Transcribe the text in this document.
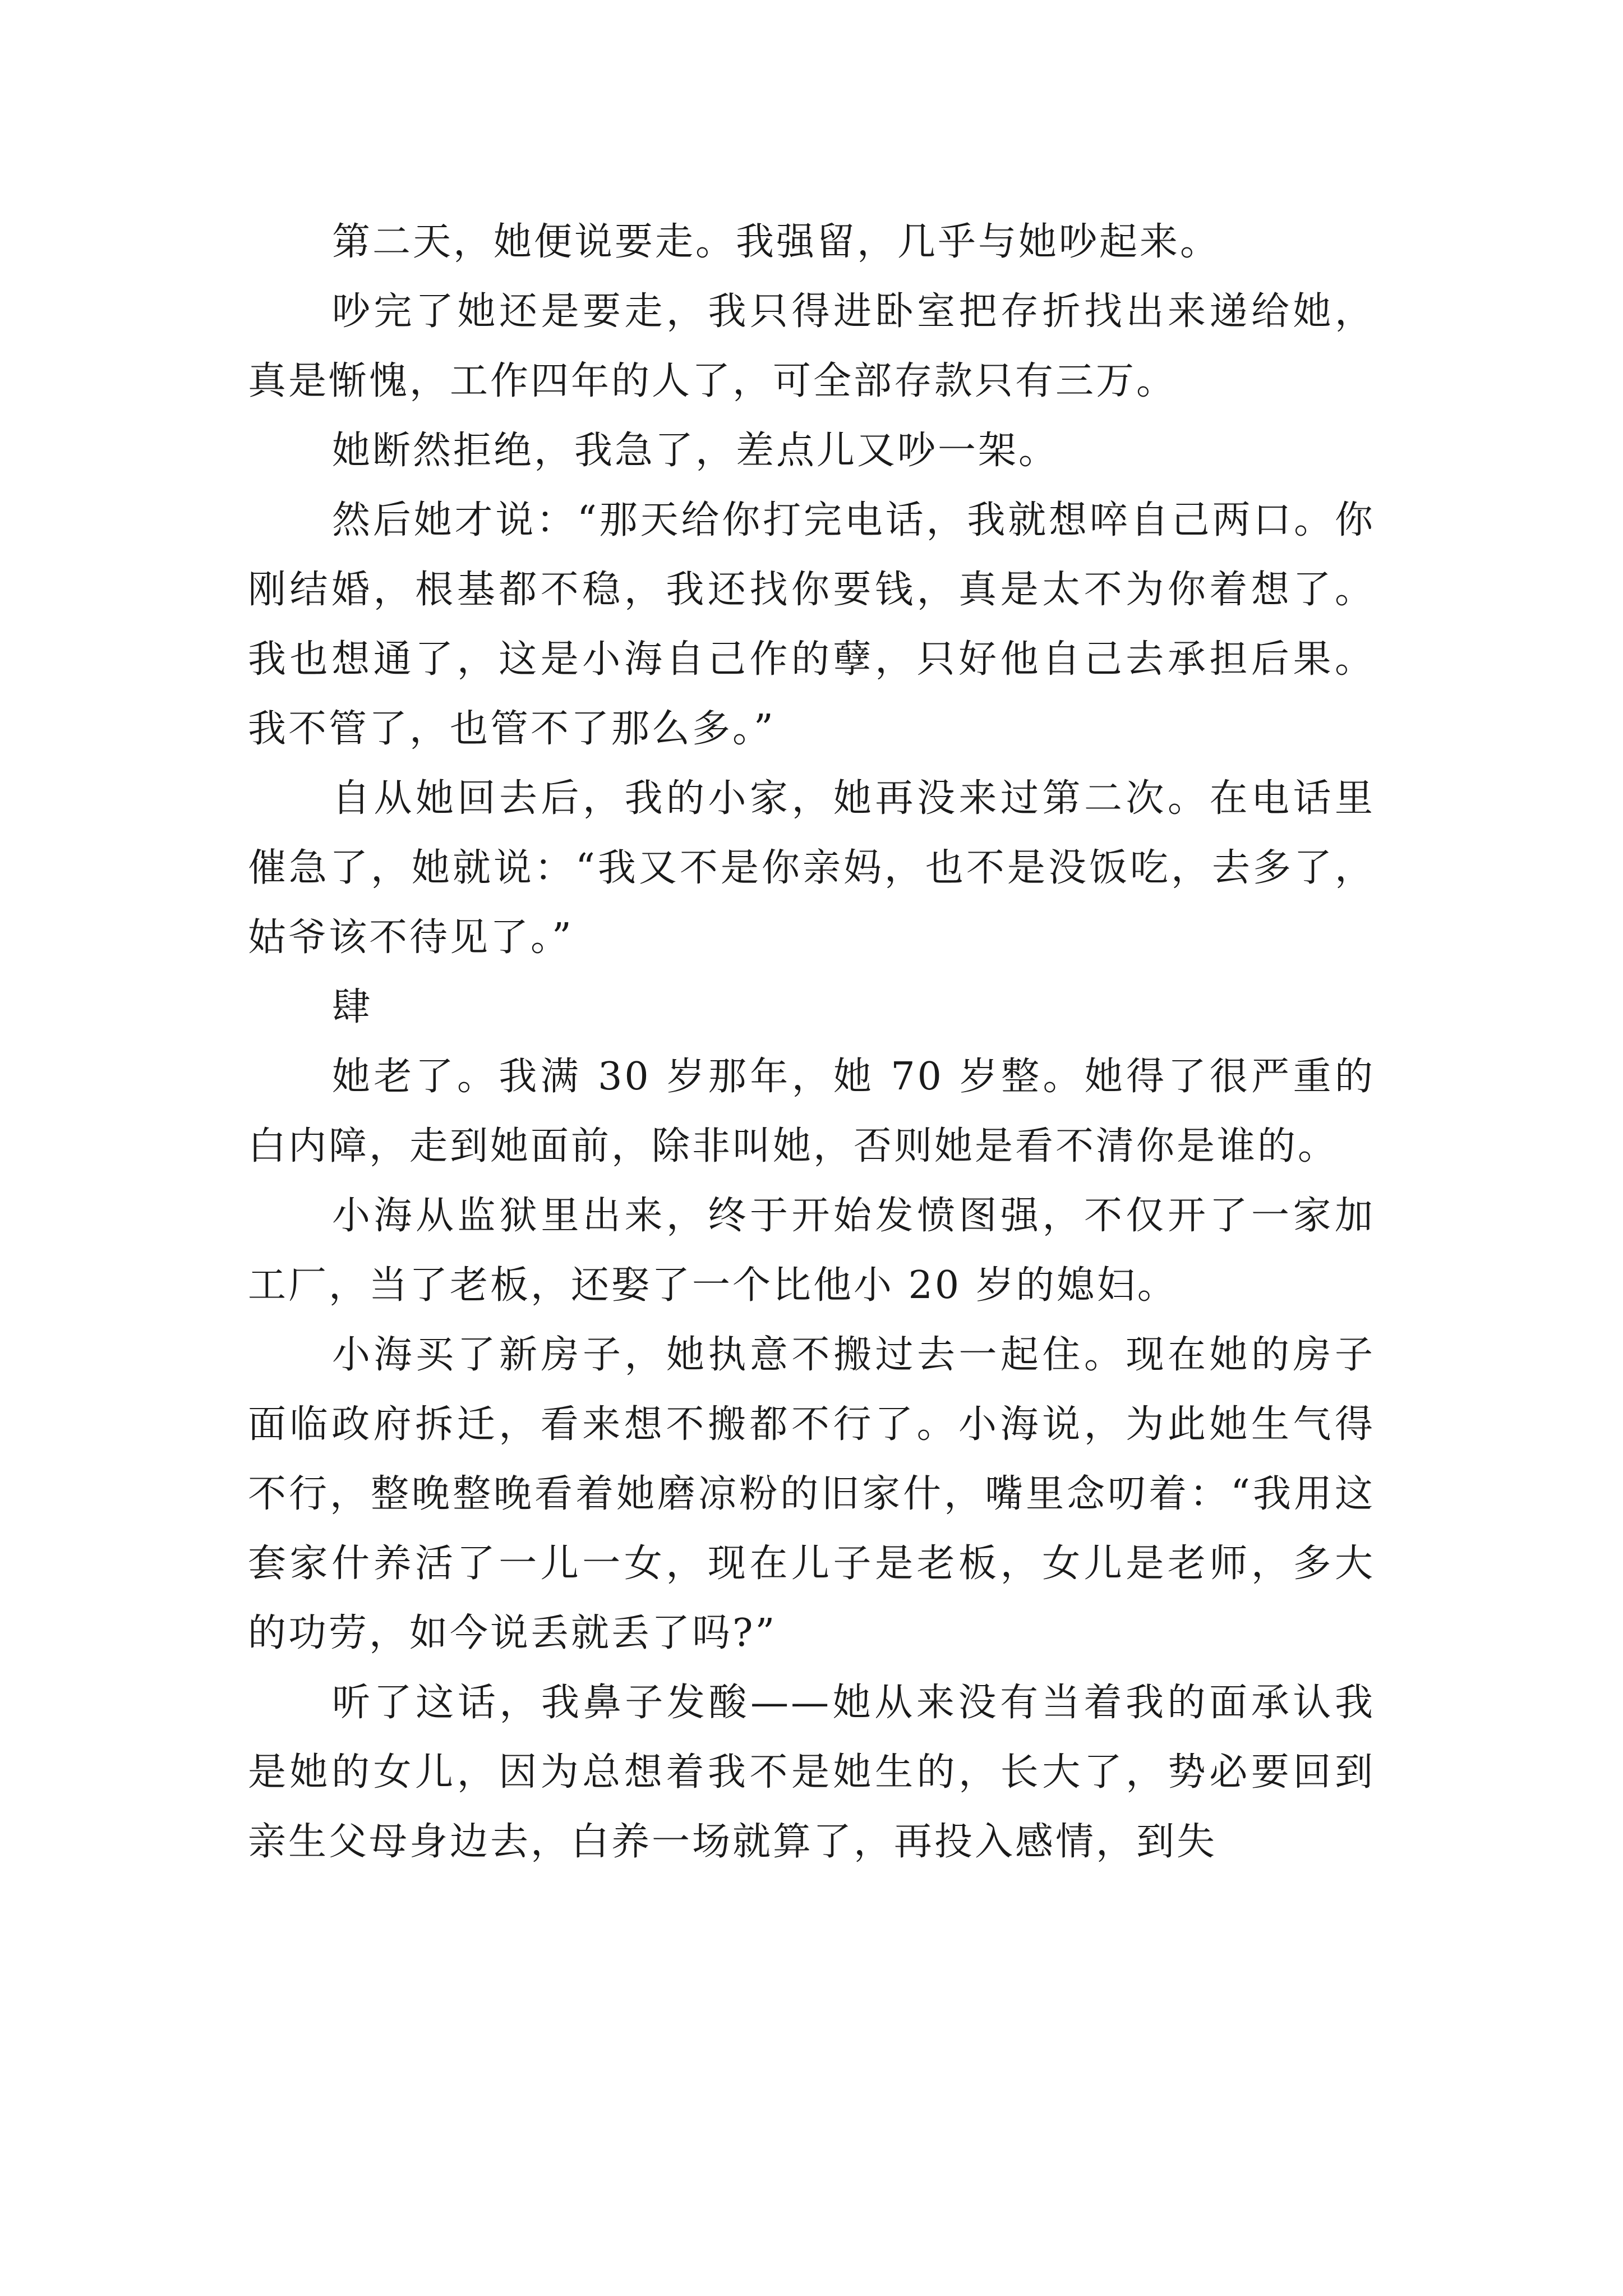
第二天，她便说要走。我强留，几乎与她吵起来。

吵完了她还是要走，我只得进卧室把存折找出来递给她，真是惭愧，工作四年的人了，可全部存款只有三万。

她断然拒绝，我急了，差点儿又吵一架。

然后她才说：“那天给你打完电话，我就想啐自己两口。你刚结婚，根基都不稳，我还找你要钱，真是太不为你着想了。我也想通了，这是小海自己作的孽，只好他自己去承担后果。我不管了，也管不了那么多。”

自从她回去后，我的小家，她再没来过第二次。在电话里催急了，她就说：“我又不是你亲妈，也不是没饭吃，去多了，姑爷该不待见了。”

肆

她老了。我满 30 岁那年，她 70 岁整。她得了很严重的白内障，走到她面前，除非叫她，否则她是看不清你是谁的。

小海从监狱里出来，终于开始发愤图强，不仅开了一家加工厂，当了老板，还娶了一个比他小 20 岁的媳妇。

小海买了新房子，她执意不搬过去一起住。现在她的房子面临政府拆迁，看来想不搬都不行了。小海说，为此她生气得不行，整晚整晚看着她磨凉粉的旧家什，嘴里念叨着：“我用这套家什养活了一儿一女，现在儿子是老板，女儿是老师，多大的功劳，如今说丢就丢了吗?”

听了这话，我鼻子发酸——她从来没有当着我的面承认我是她的女儿，因为总想着我不是她生的，长大了，势必要回到亲生父母身边去，白养一场就算了，再投入感情，到失
